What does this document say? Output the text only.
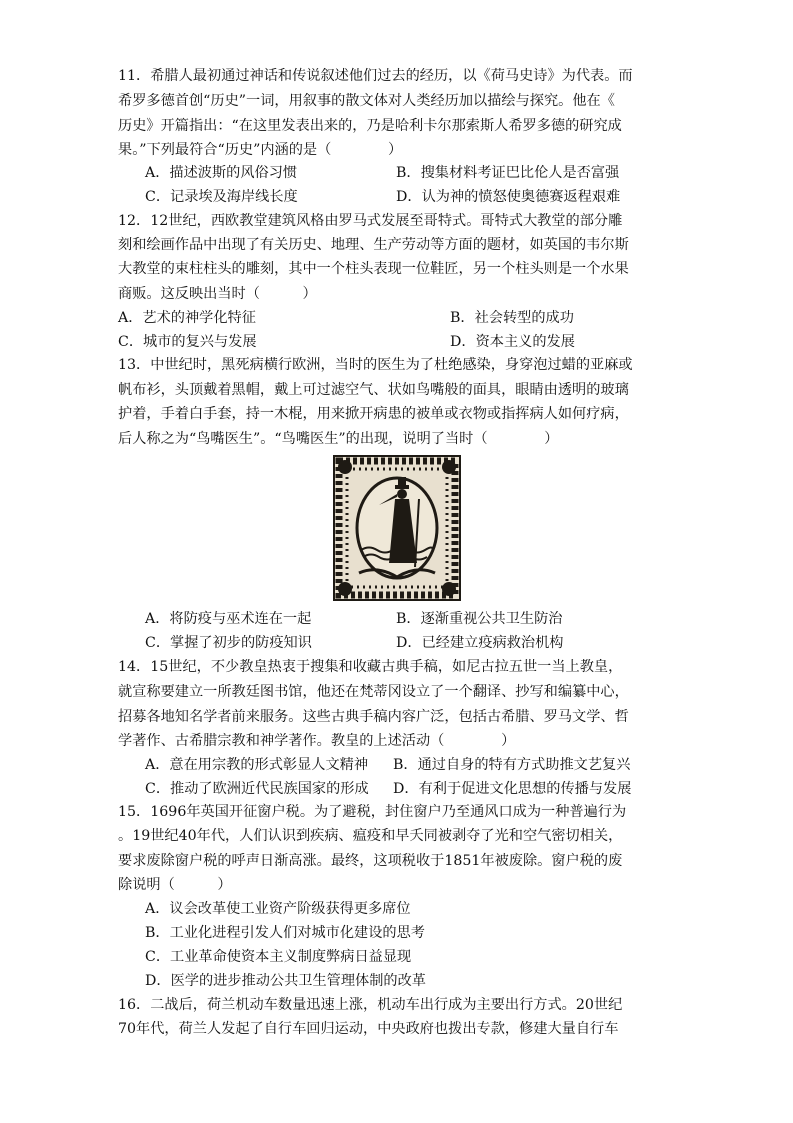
11．希腊人最初通过神话和传说叙述他们过去的经历，以《荷马史诗》为代表。而
希罗多德首创“历史”一词，用叙事的散文体对人类经历加以描绘与探究。他在《
历史》开篇指出：“在这里发表出来的，乃是哈利卡尔那索斯人希罗多德的研究成
果。”下列最符合“历史”内涵的是（　　　　）
A．描述波斯的风俗习惯	B．搜集材料考证巴比伦人是否富强
C．记录埃及海岸线长度	D．认为神的愤怒使奥德赛返程艰难
12．12世纪，西欧教堂建筑风格由罗马式发展至哥特式。哥特式大教堂的部分雕
刻和绘画作品中出现了有关历史、地理、生产劳动等方面的题材，如英国的韦尔斯
大教堂的束柱柱头的雕刻，其中一个柱头表现一位鞋匠，另一个柱头则是一个水果
商贩。这反映出当时（　　　）
A．艺术的神学化特征	B．社会转型的成功
C．城市的复兴与发展	D．资本主义的发展
13．中世纪时，黑死病横行欧洲，当时的医生为了杜绝感染，身穿泡过蜡的亚麻或
帆布衫，头顶戴着黑帽，戴上可过滤空气、状如鸟嘴般的面具，眼睛由透明的玻璃
护着，手着白手套，持一木棍，用来掀开病患的被单或衣物或指挥病人如何疗病，
后人称之为“鸟嘴医生”。“鸟嘴医生”的出现，说明了当时（　　　　）
A．将防疫与巫术连在一起	B．逐渐重视公共卫生防治
C．掌握了初步的防疫知识	D．已经建立疫病救治机构
14．15世纪，不少教皇热衷于搜集和收藏古典手稿，如尼古拉五世一当上教皇，
就宣称要建立一所教廷图书馆，他还在梵蒂冈设立了一个翻译、抄写和编纂中心，
招募各地知名学者前来服务。这些古典手稿内容广泛，包括古希腊、罗马文学、哲
学著作、古希腊宗教和神学著作。教皇的上述活动（　　　　）
A．意在用宗教的形式彰显人文精神 B．通过自身的特有方式助推文艺复兴
C．推动了欧洲近代民族国家的形成 D．有利于促进文化思想的传播与发展
15．1696年英国开征窗户税。为了避税，封住窗户乃至通风口成为一种普遍行为
。19世纪40年代，人们认识到疾病、瘟疫和早夭同被剥夺了光和空气密切相关，
要求废除窗户税的呼声日渐高涨。最终，这项税收于1851年被废除。窗户税的废
除说明（　　　）
A．议会改革使工业资产阶级获得更多席位
B．工业化进程引发人们对城市化建设的思考
C．工业革命使资本主义制度弊病日益显现
D．医学的进步推动公共卫生管理体制的改革
16．二战后，荷兰机动车数量迅速上涨，机动车出行成为主要出行方式。20世纪
70年代，荷兰人发起了自行车回归运动，中央政府也拨出专款，修建大量自行车
